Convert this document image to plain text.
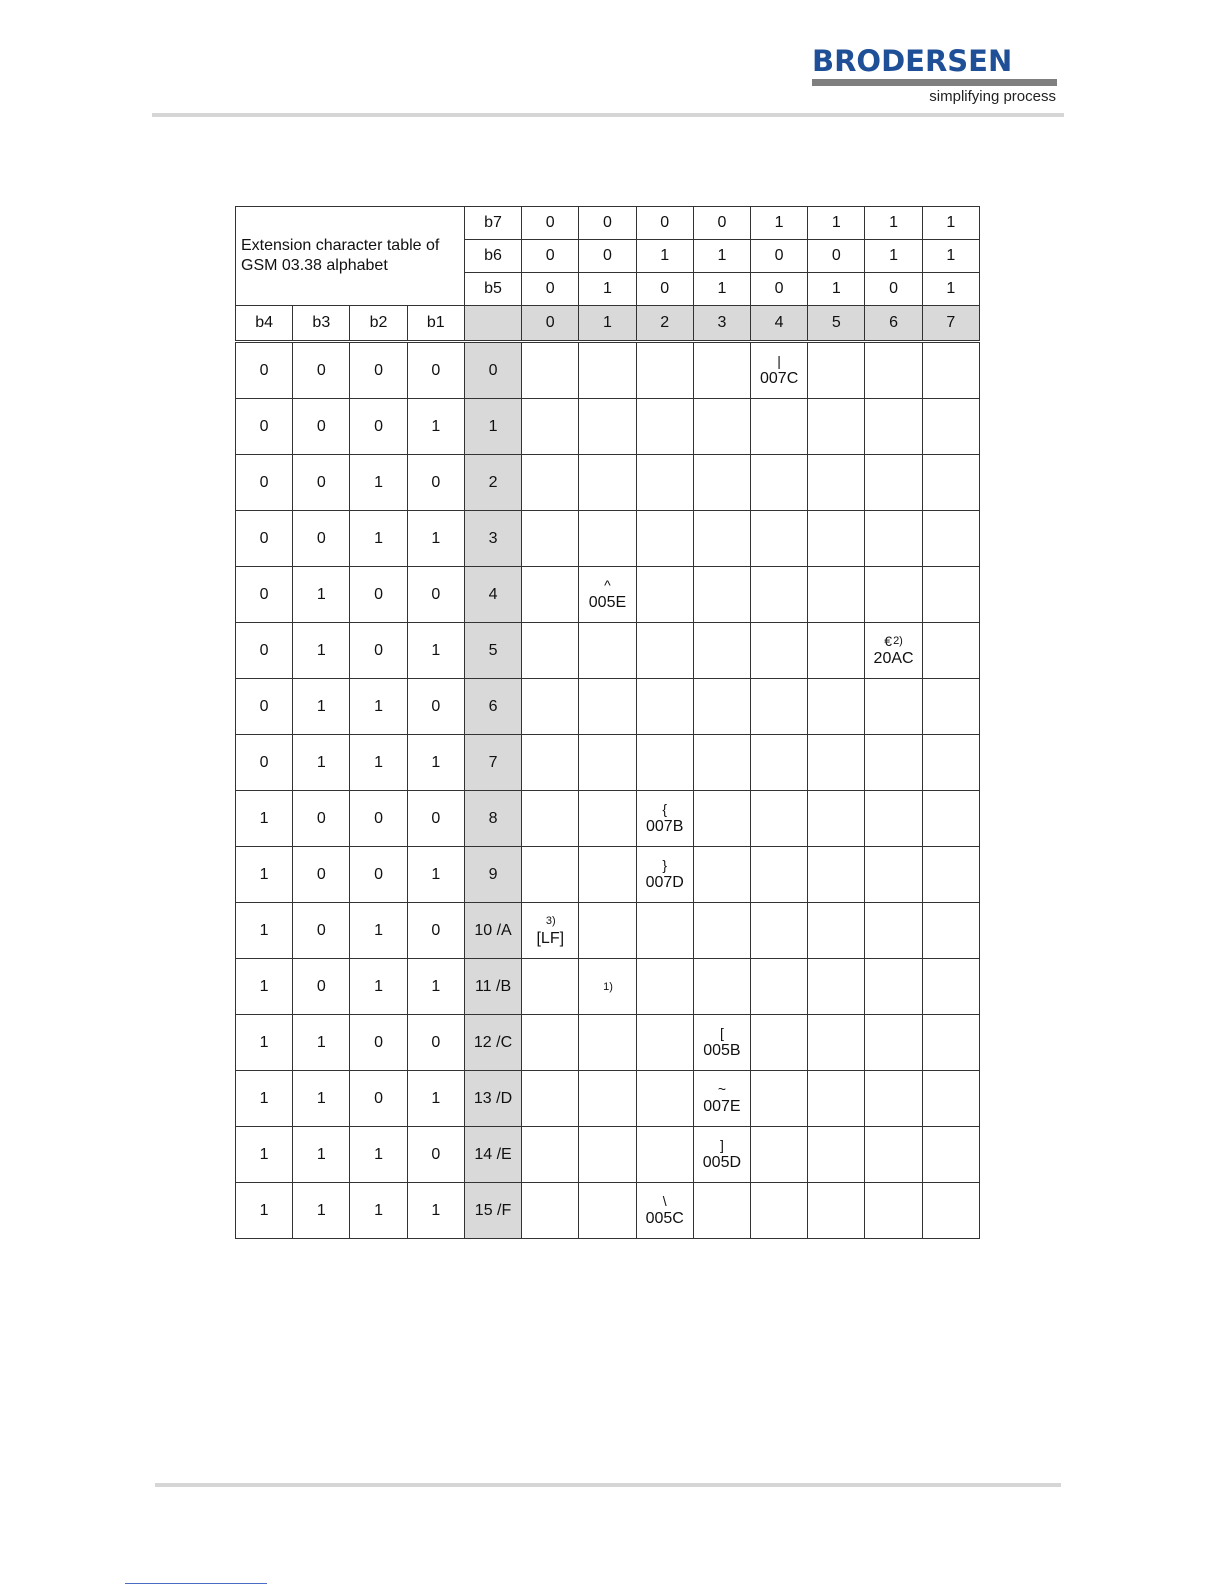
BRODERSEN
simplifying process
Extension character table of GSM 03.38 alphabet				b7	0	0	0	0	1	1	1	1
				b6	0	0	1	1	0	0	1	1
				b5	0	1	0	1	0	1	0	1
b4	b3	b2	b1		0	1	2	3	4	5	6	7
0	0	0	0	0					|
007C			

0	0	0	1	1								
0	0	1	0	2								
0	0	1	1	3								
0	1	0	0	4		^
005E						

0	1	0	1	5							€$^{2)}$
20AC	

0	1	1	0	6								
0	1	1	1	7								
1	0	0	0	8			{
007B					

1	0	0	1	9			}
007D					

1	0	1	0	10 /A	$^{3)}$
[LF]							

1	0	1	1	11 /B		$^{1)}$

1	1	0	0	12 /C				[
005B				

1	1	0	1	13 /D				~
007E				

1	1	1	0	14 /E				]
005D				

1	1	1	1	15 /F			\
005C					
